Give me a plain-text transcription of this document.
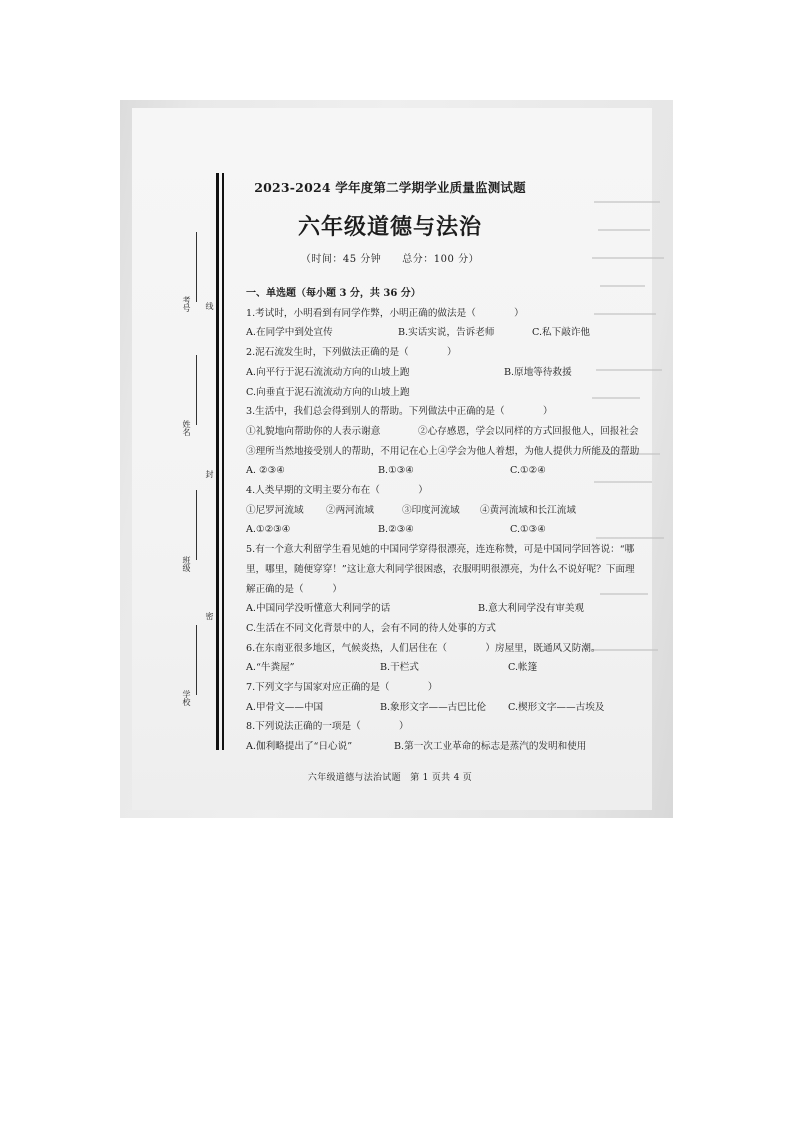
考号 线
姓名
封
班级
密
学校
2023-2024 学年度第二学期学业质量监测试题
六年级道德与法治
（时间：45 分钟　　总分：100 分）
一、单选题（每小题 3 分，共 36 分）
1.考试时，小明看到有同学作弊，小明正确的做法是（　　　　）
A.在同学中到处宣传	B.实话实说，告诉老师	C.私下敲诈他
2.泥石流发生时，下列做法正确的是（　　　　）
A.向平行于泥石流流动方向的山坡上跑	B.原地等待救援
C.向垂直于泥石流流动方向的山坡上跑
3.生活中，我们总会得到别人的帮助。下列做法中正确的是（　　　　）
①礼貌地向帮助你的人表示谢意	②心存感恩，学会以同样的方式回报他人，回报社会
③理所当然地接受别人的帮助，不用记在心上④学会为他人着想，为他人提供力所能及的帮助
A. ②③④	B.①③④	C.①②④
4.人类早期的文明主要分布在（　　　　）
①尼罗河流域	②两河流域	③印度河流域	④黄河流域和长江流域
A.①②③④	B.②③④	C.①③④
5.有一个意大利留学生看见她的中国同学穿得很漂亮，连连称赞，可是中国同学回答说：“哪
里，哪里，随便穿穿！”这让意大利同学很困惑，衣服明明很漂亮，为什么不说好呢？下面理
解正确的是（　　　）
A.中国同学没听懂意大利同学的话	B.意大利同学没有审美观
C.生活在不同文化背景中的人，会有不同的待人处事的方式
6.在东南亚很多地区，气候炎热，人们居住在（　　　　）房屋里，既通风又防潮。
A.“牛粪屋”	B.干栏式	C.帐篷
7.下列文字与国家对应正确的是（　　　　）
A.甲骨文——中国	B.象形文字——古巴比伦	C.楔形文字——古埃及
8.下列说法正确的一项是（　　　　）
A.伽利略提出了“日心说”	B.第一次工业革命的标志是蒸汽的发明和使用
六年级道德与法治试题　第 1 页共 4 页
